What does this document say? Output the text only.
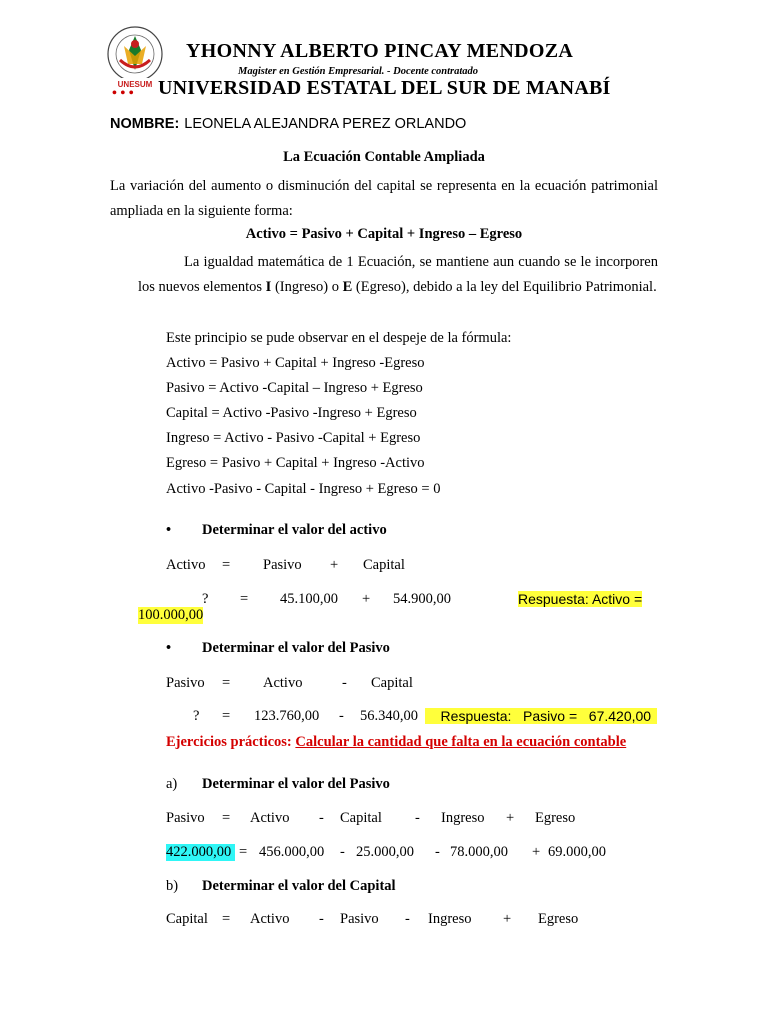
UNESUM
• • •
YHONNY ALBERTO PINCAY MENDOZA
Magister en Gestión Empresarial. - Docente contratado
UNIVERSIDAD ESTATAL DEL SUR DE MANABÍ
NOMBRE: LEONELA ALEJANDRA PEREZ ORLANDO
La Ecuación Contable Ampliada

La variación del aumento o disminución del capital se representa en la ecuación patrimonial ampliada en la siguiente forma:

Activo = Pasivo + Capital + Ingreso – Egreso

La igualdad matemática de 1 Ecuación, se mantiene aun cuando se le incorporen los nuevos elementos I (Ingreso) o E (Egreso), debido a la ley del Equilibrio Patrimonial.

Este principio se pude observar en el despeje de la fórmula:
Activo = Pasivo + Capital + Ingreso -Egreso
Pasivo = Activo -Capital – Ingreso + Egreso
Capital = Activo -Pasivo -Ingreso + Egreso
Ingreso = Activo - Pasivo -Capital + Egreso
Egreso = Pasivo + Capital + Ingreso -Activo
Activo -Pasivo - Capital - Ingreso + Egreso = 0
• Determinar el valor del activo
Activo = Pasivo + Capital
? = 45.100,00 + 54.900,00	Respuesta: Activo =
100.000,00
• Determinar el valor del Pasivo
Pasivo = Activo	- Capital
? = 123.760,00 - 56.340,00 Respuesta:   Pasivo =   67.420,00
Ejercicios prácticos: Calcular la cantidad que falta en la ecuación contable
a) Determinar el valor del Pasivo
Pasivo = Activo - Capital - Ingreso + Egreso
422.000,00 = 456.000,00 - 25.000,00 - 78.000,00 + 69.000,00
b) Determinar el valor del Capital
Capital = Activo - Pasivo - Ingreso + Egreso
